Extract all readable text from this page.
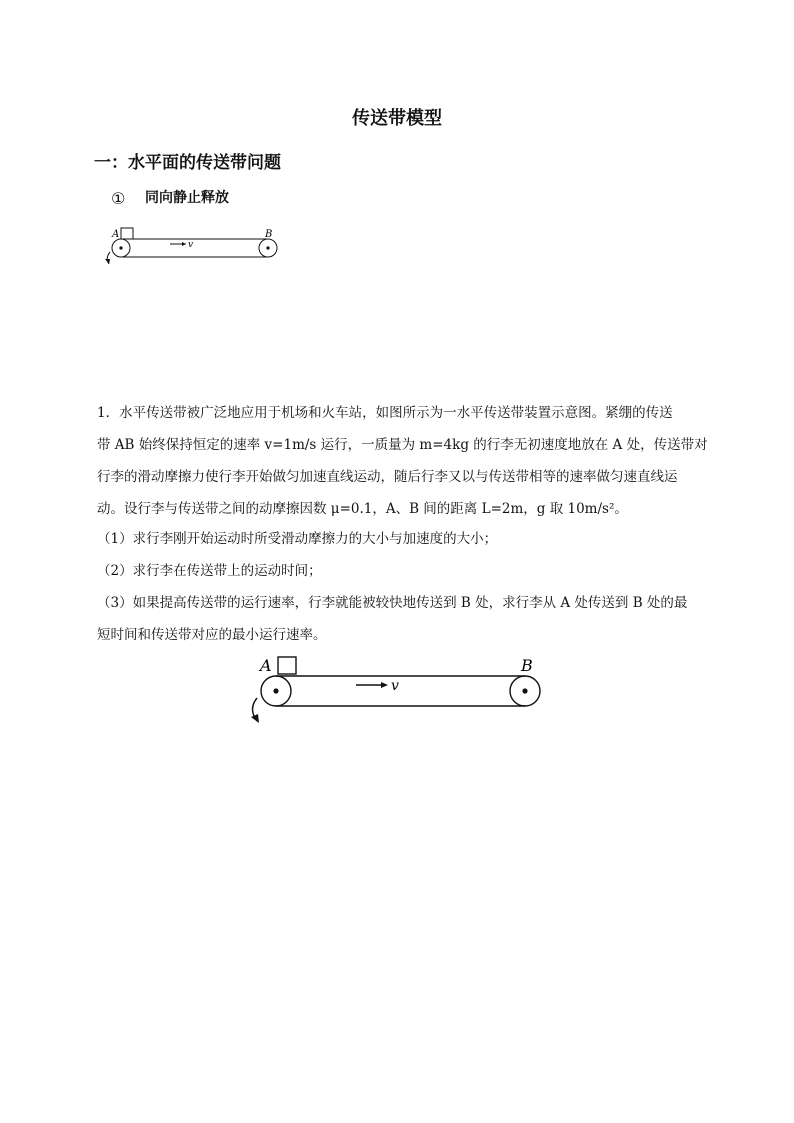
传送带模型
一：水平面的传送带问题
① 同向静止释放
A	B
v
1．水平传送带被广泛地应用于机场和火车站，如图所示为一水平传送带装置示意图。紧绷的传送
带 AB 始终保持恒定的速率 v=1m/s 运行，一质量为 m=4kg 的行李无初速度地放在 A 处，传送带对
行李的滑动摩擦力使行李开始做匀加速直线运动，随后行李又以与传送带相等的速率做匀速直线运
动。设行李与传送带之间的动摩擦因数 μ=0.1，A、B 间的距离 L=2m，g 取 10m/s²。
（1）求行李刚开始运动时所受滑动摩擦力的大小与加速度的大小；
（2）求行李在传送带上的运动时间；
（3）如果提高传送带的运行速率，行李就能被较快地传送到 B 处，求行李从 A 处传送到 B 处的最
短时间和传送带对应的最小运行速率。
A	B
v
